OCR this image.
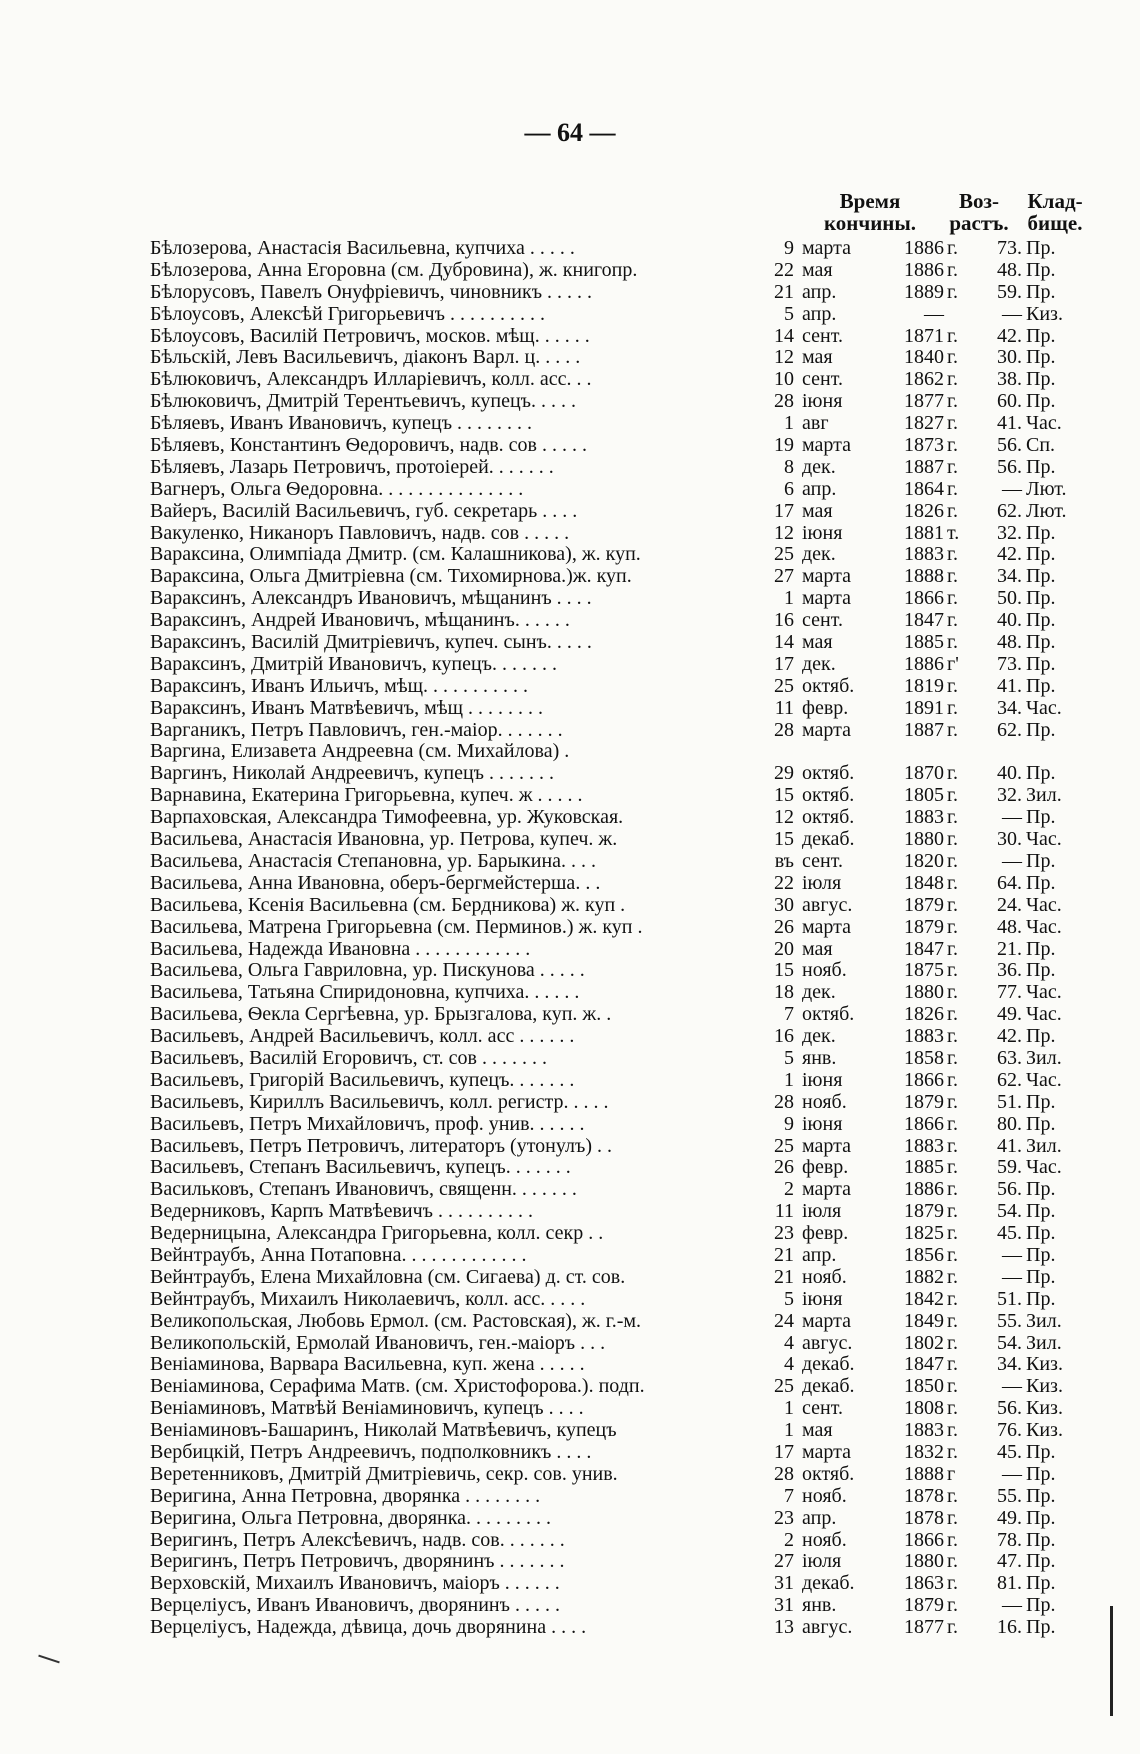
— 64 —
Время
кончины.
Воз-
растъ.
Клад-
бище.
Бѣлозерова, Анастасія Васильевна, купчиха . . . . .	9 марта	1886 г.	73. Пр.
Бѣлозерова, Анна Егоровна (см. Дубровина), ж. книгопр.	22 мая	1886 г.	48. Пр.
Бѣлорусовъ, Павелъ Онуфріевичъ, чиновникъ . . . . .	21 апр.	1889 г.	59. Пр.
Бѣлоусовъ, Алексѣй Григорьевичъ . . . . . . . . . .	5 апр.	—	— Киз.
Бѣлоусовъ, Василій Петровичъ, москов. мѣщ. . . . . .	14 сент.	1871 г.	42. Пр.
Бѣльскій, Левъ Васильевичъ, діаконъ Варл. ц. . . . .	12 мая	1840 г.	30. Пр.
Бѣлюковичъ, Александръ Илларіевичъ, колл. асс. . .	10 сент.	1862 г.	38. Пр.
Бѣлюковичъ, Дмитрій Терентьевичъ, купецъ. . . . .	28 іюня	1877 г.	60. Пр.
Бѣляевъ, Иванъ Ивановичъ, купецъ . . . . . . . .	1 авг	1827 г.	41. Час.
Бѣляевъ, Константинъ Ѳедоровичъ, надв. сов . . . . .	19 марта	1873 г.	56. Сп.
Бѣляевъ, Лазарь Петровичъ, протоіерей. . . . . . .	8 дек.	1887 г.	56. Пр.
Вагнеръ, Ольга Ѳедоровна. . . . . . . . . . . . . . .	6 апр.	1864 г.	— Лют.
Вайеръ, Василій Васильевичъ, губ. секретарь . . . .	17 мая	1826 г.	62. Лют.
Вакуленко, Никаноръ Павловичъ, надв. сов . . . . .	12 іюня	1881 т.	32. Пр.
Вараксина, Олимпіада Дмитр. (см. Калашникова), ж. куп.	25 дек.	1883 г.	42. Пр.
Вараксина, Ольга Дмитріевна (см. Тихомирнова.)ж. куп.	27 марта	1888 г.	34. Пр.
Вараксинъ, Александръ Ивановичъ, мѣщанинъ . . . .	1 марта	1866 г.	50. Пр.
Вараксинъ, Андрей Ивановичъ, мѣщанинъ. . . . . .	16 сент.	1847 г.	40. Пр.
Вараксинъ, Василій Дмитріевичъ, купеч. сынъ. . . . .	14 мая	1885 г.	48. Пр.
Вараксинъ, Дмитрій Ивановичъ, купецъ. . . . . . .	17 дек.	1886 г'	73. Пр.
Вараксинъ, Иванъ Ильичъ, мѣщ. . . . . . . . . . .	25 октяб.	1819 г.	41. Пр.
Вараксинъ, Иванъ Матвѣевичъ, мѣщ . . . . . . . .	11 февр.	1891 г.	34. Час.
Варганикъ, Петръ Павловичъ, ген.-маіор. . . . . . .	28 марта	1887 г.	62. Пр.
Варгина, Елизавета Андреевна (см. Михайлова) .
Варгинъ, Николай Андреевичъ, купецъ . . . . . . .	29 октяб.	1870 г.	40. Пр.
Варнавина, Екатерина Григорьевна, купеч. ж . . . . .	15 октяб.	1805 г.	32. Зил.
Варпаховская, Александра Тимофеевна, ур. Жуковская.	12 октяб.	1883 г.	— Пр.
Васильева, Анастасія Ивановна, ур. Петрова, купеч. ж.	15 декаб.	1880 г.	30. Час.
Васильева, Анастасія Степановна, ур. Барыкина. . . .	въ сент.	1820 г.	— Пр.
Васильева, Анна Ивановна, оберъ-бергмейстерша. . .	22 іюля	1848 г.	64. Пр.
Васильева, Ксенія Васильевна (см. Бердникова) ж. куп .	30 авгус.	1879 г.	24. Час.
Васильева, Матрена Григорьевна (см. Перминов.) ж. куп .	26 марта	1879 г.	48. Час.
Васильева, Надежда Ивановна . . . . . . . . . . . .	20 мая	1847 г.	21. Пр.
Васильева, Ольга Гавриловна, ур. Пискунова . . . . .	15 нояб.	1875 г.	36. Пр.
Васильева, Татьяна Спиридоновна, купчиха. . . . . .	18 дек.	1880 г.	77. Час.
Васильева, Ѳекла Сергѣевна, ур. Брызгалова, куп. ж. .	7 октяб.	1826 г.	49. Час.
Васильевъ, Андрей Васильевичъ, колл. асс . . . . . .	16 дек.	1883 г.	42. Пр.
Васильевъ, Василій Егоровичъ, ст. сов . . . . . . .	5 янв.	1858 г.	63. Зил.
Васильевъ, Григорій Васильевичъ, купецъ. . . . . . .	1 іюня	1866 г.	62. Час.
Васильевъ, Кириллъ Васильевичъ, колл. регистр. . . . .	28 нояб.	1879 г.	51. Пр.
Васильевъ, Петръ Михайловичъ, проф. унив. . . . . .	9 іюня	1866 г.	80. Пр.
Васильевъ, Петръ Петровичъ, литераторъ (утонулъ) . .	25 марта	1883 г.	41. Зил.
Васильевъ, Степанъ Васильевичъ, купецъ. . . . . . .	26 февр.	1885 г.	59. Час.
Васильковъ, Степанъ Ивановичъ, священн. . . . . . .	2 марта	1886 г.	56. Пр.
Ведерниковъ, Карпъ Матвѣевичъ . . . . . . . . . .	11 іюля	1879 г.	54. Пр.
Ведерницына, Александра Григорьевна, колл. секр . .	23 февр.	1825 г.	45. Пр.
Вейнтраубъ, Анна Потаповна. . . . . . . . . . . . .	21 апр.	1856 г.	— Пр.
Вейнтраубъ, Елена Михайловна (см. Сигаева) д. ст. сов.	21 нояб.	1882 г.	— Пр.
Вейнтраубъ, Михаилъ Николаевичъ, колл. асс. . . . .	5 іюня	1842 г.	51. Пр.
Великопольская, Любовь Ермол. (см. Растовская), ж. г.-м.	24 марта	1849 г.	55. Зил.
Великопольскій, Ермолай Ивановичъ, ген.-маіоръ . . .	4 авгус.	1802 г.	54. Зил.
Веніаминова, Варвара Васильевна, куп. жена . . . . .	4 декаб.	1847 г.	34. Киз.
Веніаминова, Серафима Матв. (см. Христофорова.). подп.	25 декаб.	1850 г.	— Киз.
Веніаминовъ, Матвѣй Веніаминовичъ, купецъ . . . .	1 сент.	1808 г.	56. Киз.
Веніаминовъ-Башаринъ, Николай Матвѣевичъ, купецъ	1 мая	1883 г.	76. Киз.
Вербицкій, Петръ Андреевичъ, подполковникъ . . . .	17 марта	1832 г.	45. Пр.
Веретенниковъ, Дмитрій Дмитріевичь, секр. сов. унив.	28 октяб.	1888 г	— Пр.
Веригина, Анна Петровна, дворянка . . . . . . . .	7 нояб.	1878 г.	55. Пр.
Веригина, Ольга Петровна, дворянка. . . . . . . . .	23 апр.	1878 г.	49. Пр.
Веригинъ, Петръ Алексѣевичъ, надв. сов. . . . . . .	2 нояб.	1866 г.	78. Пр.
Веригинъ, Петръ Петровичъ, дворянинъ . . . . . . .	27 іюля	1880 г.	47. Пр.
Верховскій, Михаилъ Ивановичъ, маіоръ . . . . . .	31 декаб.	1863 г.	81. Пр.
Верцеліусъ, Иванъ Ивановичъ, дворянинъ . . . . .	31 янв.	1879 г.	— Пр.
Верцеліусъ, Надежда, дѣвица, дочь дворянина . . . .	13 авгус.	1877 г.	16. Пр.
